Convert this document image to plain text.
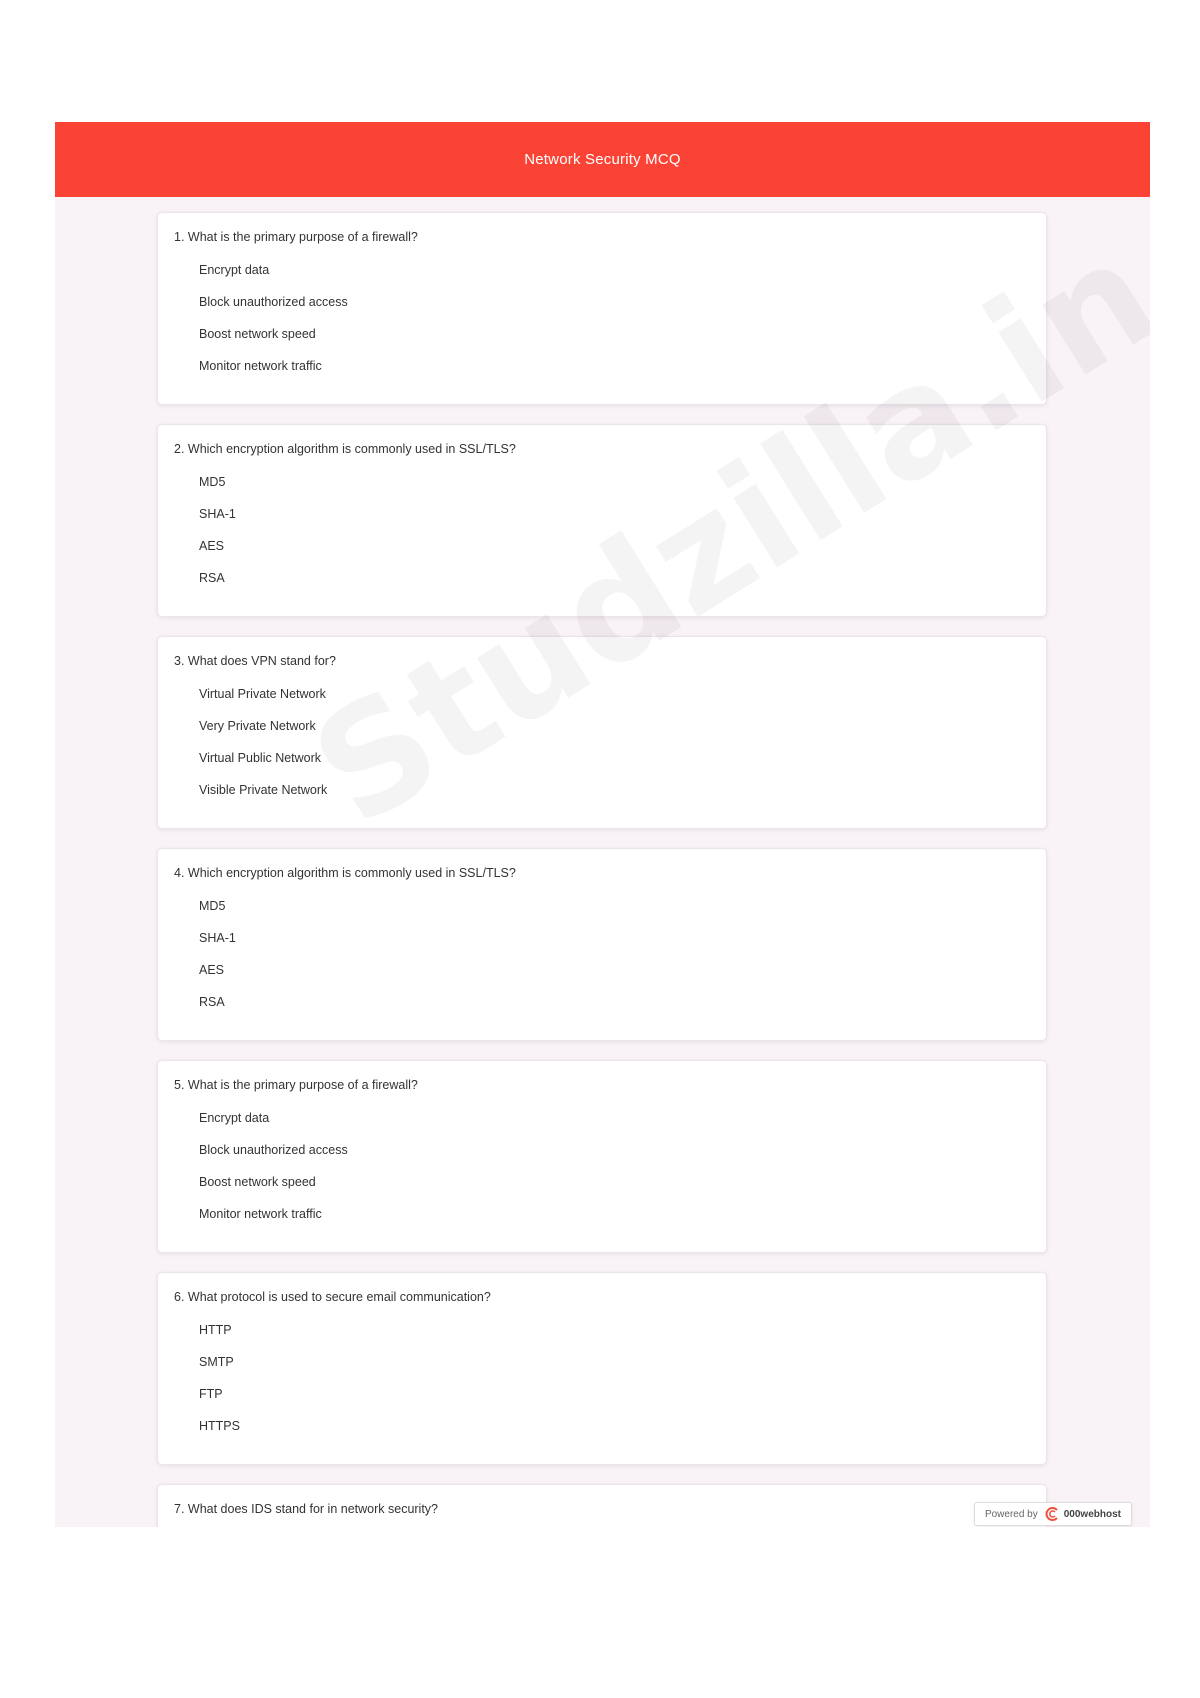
Network Security MCQ

1. What is the primary purpose of a firewall?

Encrypt data
Block unauthorized access
Boost network speed
Monitor network traffic

2. Which encryption algorithm is commonly used in SSL/TLS?

MD5
SHA-1
AES
RSA

3. What does VPN stand for?

Virtual Private Network
Very Private Network
Virtual Public Network
Visible Private Network

4. Which encryption algorithm is commonly used in SSL/TLS?

MD5
SHA-1
AES
RSA

5. What is the primary purpose of a firewall?

Encrypt data
Block unauthorized access
Boost network speed
Monitor network traffic

6. What protocol is used to secure email communication?

HTTP
SMTP
FTP
HTTPS

7. What does IDS stand for in network security?	Powered by	000webhost
